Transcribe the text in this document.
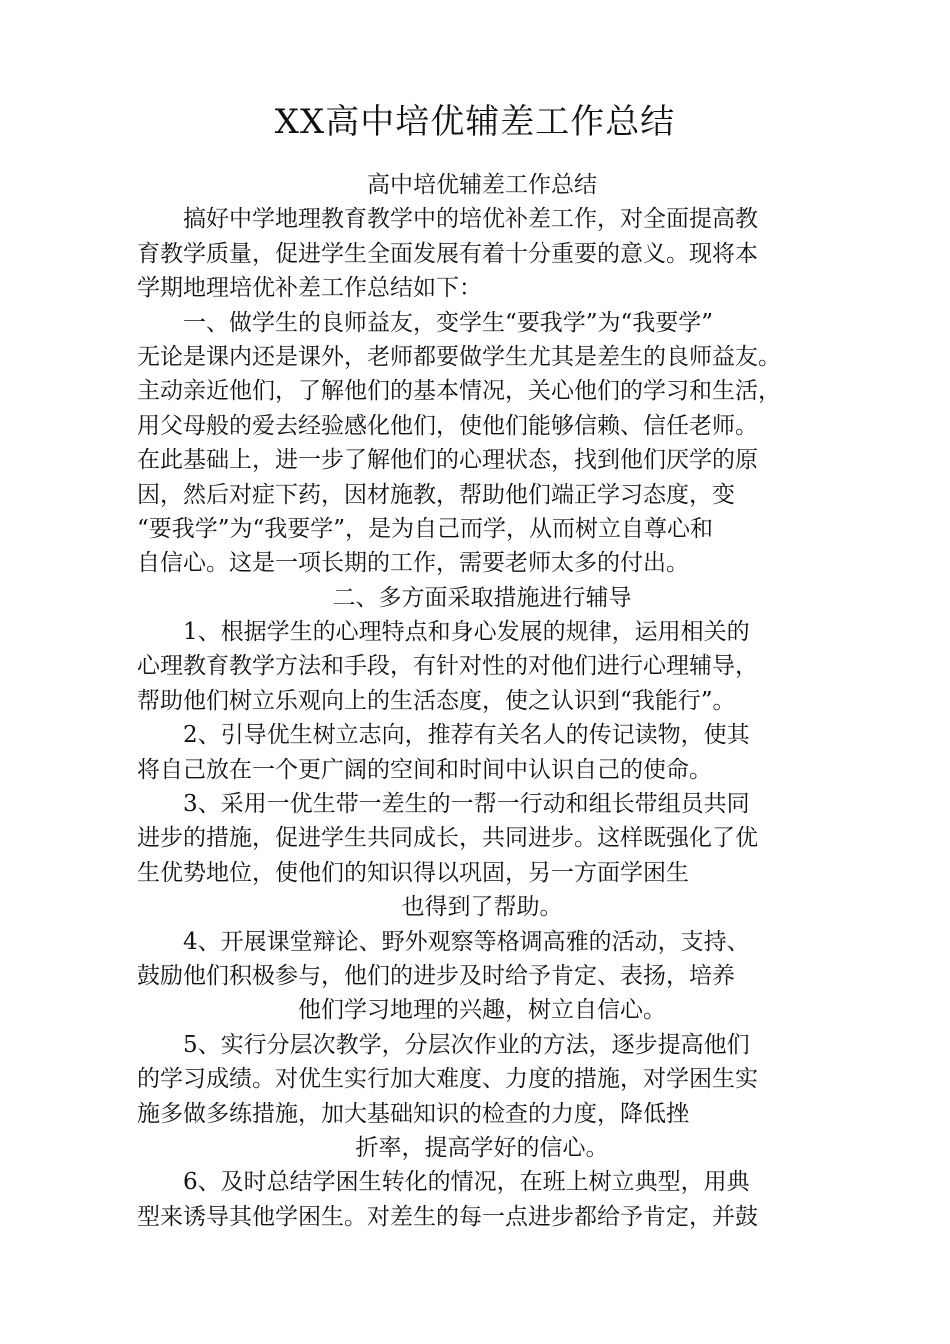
XX高中培优辅差工作总结
高中培优辅差工作总结
搞好中学地理教育教学中的培优补差工作，对全面提高教
育教学质量，促进学生全面发展有着十分重要的意义。现将本
学期地理培优补差工作总结如下：
一、做学生的良师益友，变学生“要我学”为“我要学”
无论是课内还是课外，老师都要做学生尤其是差生的良师益友。
主动亲近他们，了解他们的基本情况，关心他们的学习和生活，
用父母般的爱去经验感化他们，使他们能够信赖、信任老师。
在此基础上，进一步了解他们的心理状态，找到他们厌学的原
因，然后对症下药，因材施教，帮助他们端正学习态度，变
“要我学”为“我要学”，是为自己而学，从而树立自尊心和
自信心。这是一项长期的工作，需要老师太多的付出。
二、多方面采取措施进行辅导
1、根据学生的心理特点和身心发展的规律，运用相关的
心理教育教学方法和手段，有针对性的对他们进行心理辅导，
帮助他们树立乐观向上的生活态度，使之认识到“我能行”。
2、引导优生树立志向，推荐有关名人的传记读物，使其
将自己放在一个更广阔的空间和时间中认识自己的使命。
3、采用一优生带一差生的一帮一行动和组长带组员共同
进步的措施，促进学生共同成长，共同进步。这样既强化了优
生优势地位，使他们的知识得以巩固，另一方面学困生
也得到了帮助。
4、开展课堂辩论、野外观察等格调高雅的活动，支持、
鼓励他们积极参与，他们的进步及时给予肯定、表扬，培养
他们学习地理的兴趣，树立自信心。
5、实行分层次教学，分层次作业的方法，逐步提高他们
的学习成绩。对优生实行加大难度、力度的措施，对学困生实
施多做多练措施，加大基础知识的检查的力度，降低挫
折率，提高学好的信心。
6、及时总结学困生转化的情况，在班上树立典型，用典
型来诱导其他学困生。对差生的每一点进步都给予肯定，并鼓
